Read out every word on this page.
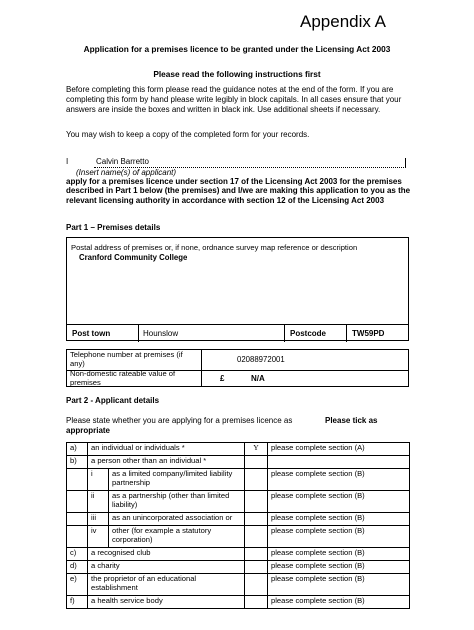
Appendix A
Application for a premises licence to be granted under the Licensing Act 2003
Please read the following instructions first
Before completing this form please read the guidance notes at the end of the form. If you are completing this form by hand please write legibly in block capitals. In all cases ensure that your answers are inside the boxes and written in black ink. Use additional sheets if necessary.
You may wish to keep a copy of the completed form for your records.
I	Calvin Barretto
(Insert name(s) of applicant)
apply for a premises licence under section 17 of the Licensing Act 2003 for the premises described in Part 1 below (the premises) and I/we are making this application to you as the relevant licensing authority in accordance with section 12 of the Licensing Act 2003
Part 1 – Premises details
Postal address of premises or, if none, ordnance survey map reference or description
Cranford Community College
Post town	Hounslow	Postcode	TW59PD
Telephone number at premises (if any)	02088972001
Non-domestic rateable value of premises	£	N/A
Part 2 - Applicant details
Please state whether you are applying for a premises licence as	Please tick as appropriate
a)	an individual or individuals *		Y	please complete section (A)
b)	a person other than an individual *			
	i	as a limited company/limited liability partnership		please complete section (B)
	ii	as a partnership (other than limited liability)		please complete section (B)
	iii	as an unincorporated association or		please complete section (B)
	iv	other (for example a statutory corporation)		please complete section (B)
c)	a recognised club			please complete section (B)
d)	a charity			please complete section (B)
e)	the proprietor of an educational establishment			please complete section (B)
f)	a health service body			please complete section (B)
